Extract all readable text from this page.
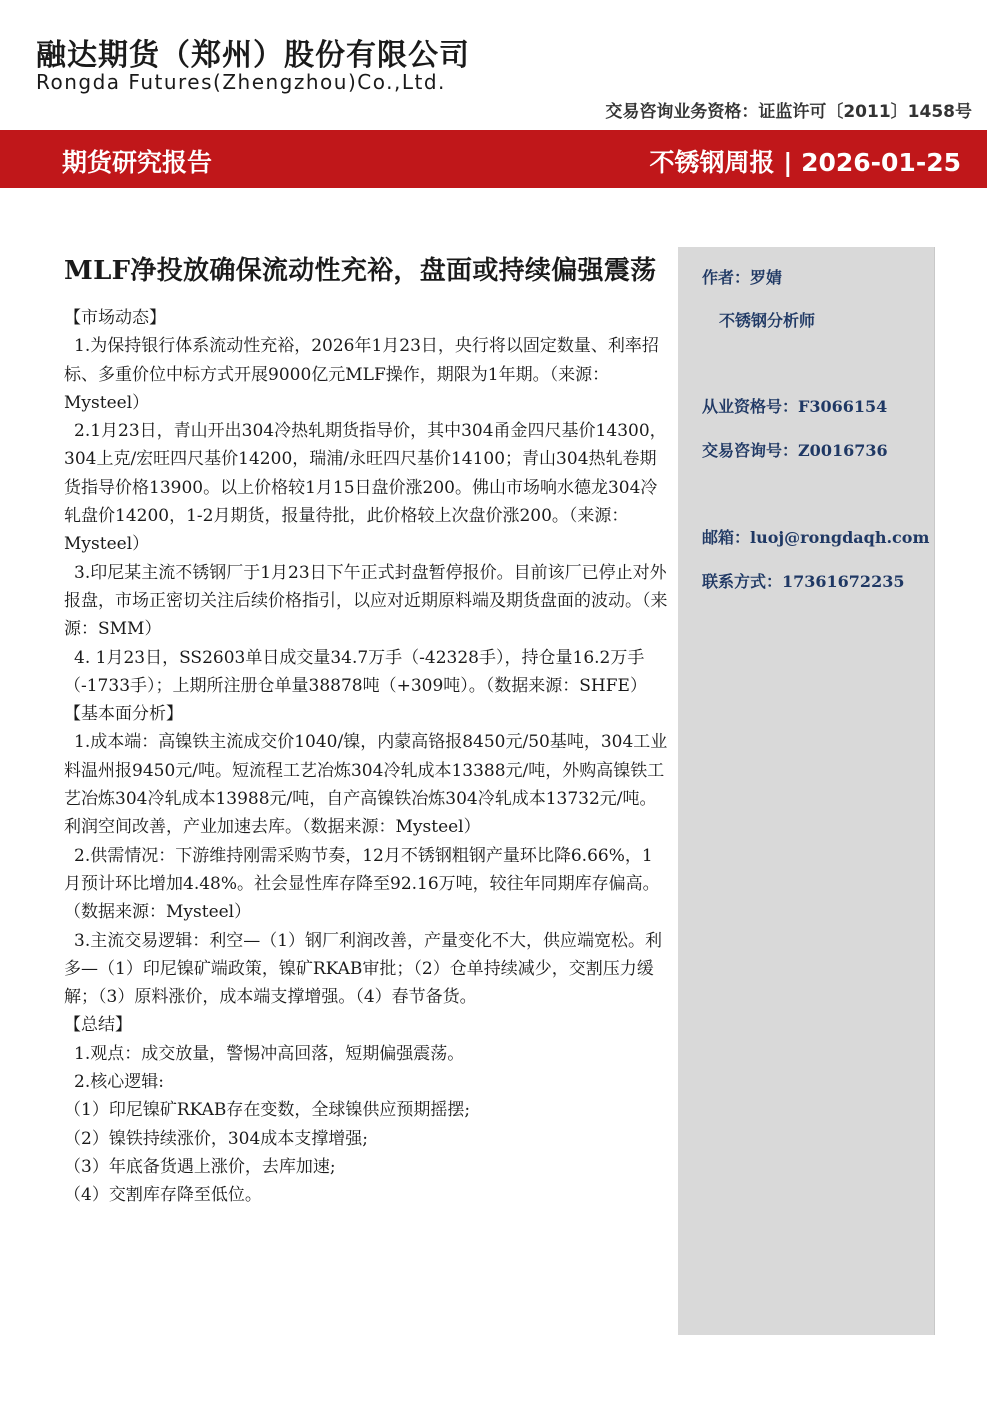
融达期货（郑州）股份有限公司
Rongda Futures(Zhengzhou)Co.,Ltd.
交易咨询业务资格：证监许可〔2011〕1458号
期货研究报告	不锈钢周报 | 2026-01-25
作者：罗婧
不锈钢分析师
从业资格号：F3066154
交易咨询号：Z0016736
邮箱：luoj@rongdaqh.com
联系方式：17361672235
MLF净投放确保流动性充裕，盘面或持续偏强震荡

【市场动态】

1.为保持银行体系流动性充裕，2026年1月23日，央行将以固定数量、利率招标、多重价位中标方式开展9000亿元MLF操作，期限为1年期。（来源：Mysteel）

2.1月23日，青山开出304冷热轧期货指导价，其中304甬金四尺基价14300，304上克/宏旺四尺基价14200，瑞浦/永旺四尺基价14100；青山304热轧卷期货指导价格13900。以上价格较1月15日盘价涨200。佛山市场响水德龙304冷轧盘价14200，1-2月期货，报量待批，此价格较上次盘价涨200。（来源：Mysteel）

3.印尼某主流不锈钢厂于1月23日下午正式封盘暂停报价。目前该厂已停止对外报盘，市场正密切关注后续价格指引，以应对近期原料端及期货盘面的波动。（来源：SMM）

4. 1月23日，SS2603单日成交量34.7万手（-42328手），持仓量16.2万手（-1733手）；上期所注册仓单量38878吨（+309吨）。（数据来源：SHFE）

【基本面分析】

1.成本端：高镍铁主流成交价1040/镍，内蒙高铬报8450元/50基吨，304工业料温州报9450元/吨。短流程工艺冶炼304冷轧成本13388元/吨，外购高镍铁工艺冶炼304冷轧成本13988元/吨，自产高镍铁冶炼304冷轧成本13732元/吨。利润空间改善，产业加速去库。（数据来源：Mysteel）

2.供需情况：下游维持刚需采购节奏，12月不锈钢粗钢产量环比降6.66%，1月预计环比增加4.48%。社会显性库存降至92.16万吨，较往年同期库存偏高。（数据来源：Mysteel）

3.主流交易逻辑：利空—（1）钢厂利润改善，产量变化不大，供应端宽松。利多—（1）印尼镍矿端政策，镍矿RKAB审批；（2）仓单持续减少，交割压力缓解；（3）原料涨价，成本端支撑增强。（4）春节备货。

【总结】

1.观点：成交放量，警惕冲高回落，短期偏强震荡。

2.核心逻辑:

（1）印尼镍矿RKAB存在变数，全球镍供应预期摇摆;

（2）镍铁持续涨价，304成本支撑增强;

（3）年底备货遇上涨价，去库加速;

（4）交割库存降至低位。
